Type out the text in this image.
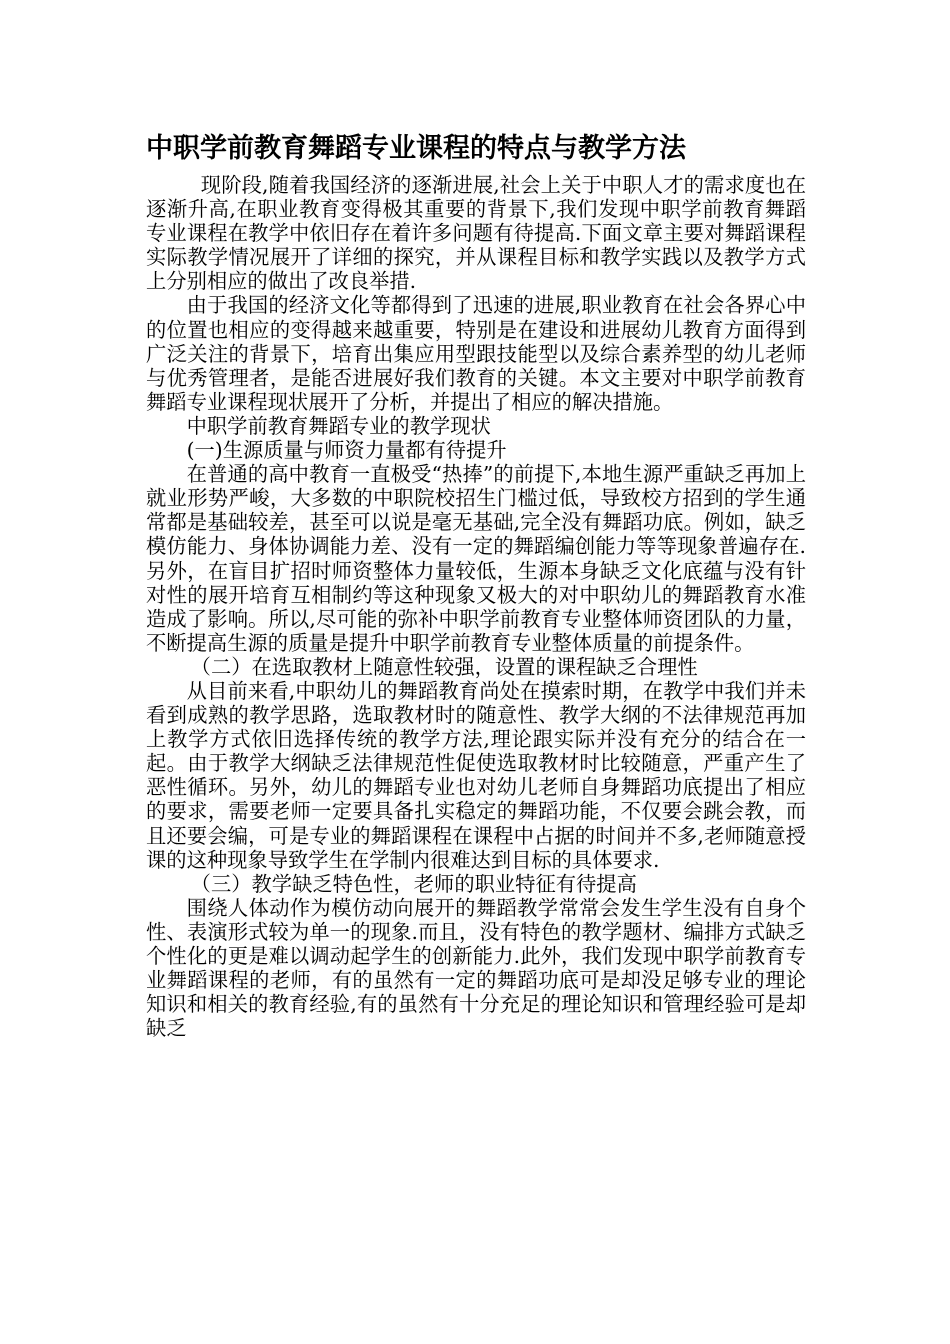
中职学前教育舞蹈专业课程的特点与教学方法

现阶段,随着我国经济的逐渐进展,社会上关于中职人才的需求度也在逐渐升高,在职业教育变得极其重要的背景下,我们发现中职学前教育舞蹈专业课程在教学中依旧存在着许多问题有待提高.下面文章主要对舞蹈课程实际教学情况展开了详细的探究，并从课程目标和教学实践以及教学方式上分别相应的做出了改良举措.

由于我国的经济文化等都得到了迅速的进展,职业教育在社会各界心中的位置也相应的变得越来越重要，特别是在建设和进展幼儿教育方面得到广泛关注的背景下，培育出集应用型跟技能型以及综合素养型的幼儿老师与优秀管理者，是能否进展好我们教育的关键。本文主要对中职学前教育舞蹈专业课程现状展开了分析，并提出了相应的解决措施。

中职学前教育舞蹈专业的教学现状

(一)生源质量与师资力量都有待提升

在普通的高中教育一直极受“热捧”的前提下,本地生源严重缺乏再加上就业形势严峻，大多数的中职院校招生门槛过低，导致校方招到的学生通常都是基础较差，甚至可以说是毫无基础,完全没有舞蹈功底。例如，缺乏模仿能力、身体协调能力差、没有一定的舞蹈编创能力等等现象普遍存在.另外，在盲目扩招时师资整体力量较低，生源本身缺乏文化底蕴与没有针对性的展开培育互相制约等这种现象又极大的对中职幼儿的舞蹈教育水准造成了影响。所以,尽可能的弥补中职学前教育专业整体师资团队的力量，不断提高生源的质量是提升中职学前教育专业整体质量的前提条件。

（二）在选取教材上随意性较强，设置的课程缺乏合理性

从目前来看,中职幼儿的舞蹈教育尚处在摸索时期，在教学中我们并未看到成熟的教学思路，选取教材时的随意性、教学大纲的不法律规范再加上教学方式依旧选择传统的教学方法,理论跟实际并没有充分的结合在一起。由于教学大纲缺乏法律规范性促使选取教材时比较随意，严重产生了恶性循环。另外，幼儿的舞蹈专业也对幼儿老师自身舞蹈功底提出了相应的要求，需要老师一定要具备扎实稳定的舞蹈功能，不仅要会跳会教，而且还要会编，可是专业的舞蹈课程在课程中占据的时间并不多,老师随意授课的这种现象导致学生在学制内很难达到目标的具体要求.

（三）教学缺乏特色性，老师的职业特征有待提高

围绕人体动作为模仿动向展开的舞蹈教学常常会发生学生没有自身个性、表演形式较为单一的现象.而且，没有特色的教学题材、编排方式缺乏个性化的更是难以调动起学生的创新能力.此外，我们发现中职学前教育专业舞蹈课程的老师，有的虽然有一定的舞蹈功底可是却没足够专业的理论知识和相关的教育经验,有的虽然有十分充足的理论知识和管理经验可是却缺乏
